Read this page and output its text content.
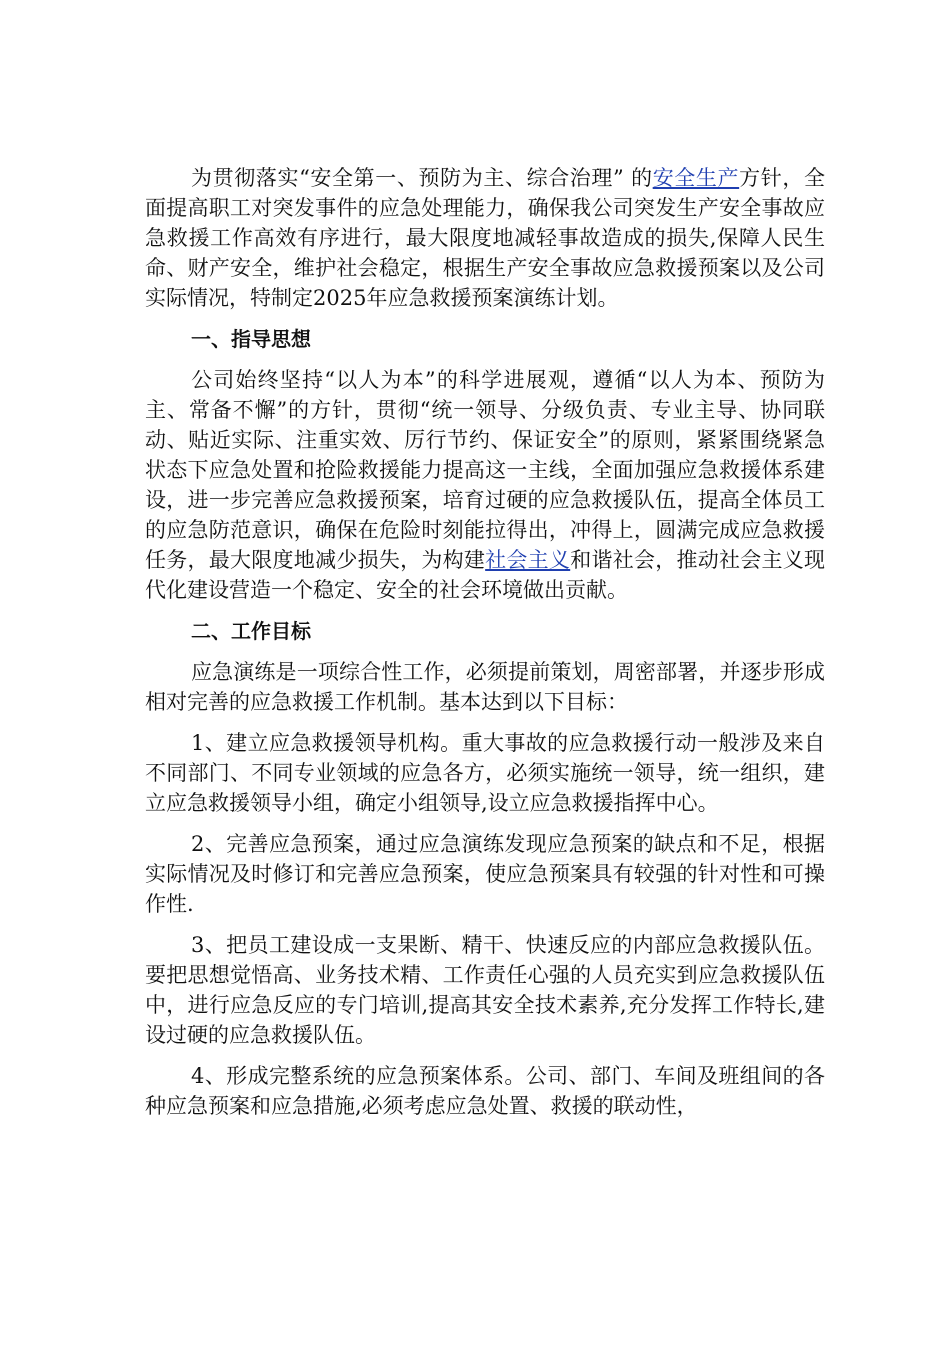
为贯彻落实“安全第一、预防为主、综合治理” 的安全生产方针，全面提高职工对突发事件的应急处理能力，确保我公司突发生产安全事故应急救援工作高效有序进行，最大限度地减轻事故造成的损失,保障人民生命、财产安全，维护社会稳定，根据生产安全事故应急救援预案以及公司实际情况，特制定2025年应急救援预案演练计划。

一、指导思想

公司始终坚持“以人为本”的科学进展观，遵循“以人为本、预防为主、常备不懈”的方针，贯彻“统一领导、分级负责、专业主导、协同联动、贴近实际、注重实效、厉行节约、保证安全”的原则，紧紧围绕紧急状态下应急处置和抢险救援能力提高这一主线，全面加强应急救援体系建设，进一步完善应急救援预案，培育过硬的应急救援队伍，提高全体员工的应急防范意识，确保在危险时刻能拉得出，冲得上，圆满完成应急救援任务，最大限度地减少损失，为构建社会主义和谐社会，推动社会主义现代化建设营造一个稳定、安全的社会环境做出贡献。

二、工作目标

应急演练是一项综合性工作，必须提前策划，周密部署，并逐步形成相对完善的应急救援工作机制。基本达到以下目标：

1、建立应急救援领导机构。重大事故的应急救援行动一般涉及来自不同部门、不同专业领域的应急各方，必须实施统一领导，统一组织，建立应急救援领导小组，确定小组领导,设立应急救援指挥中心。

2、完善应急预案，通过应急演练发现应急预案的缺点和不足，根据实际情况及时修订和完善应急预案，使应急预案具有较强的针对性和可操作性.

3、把员工建设成一支果断、精干、快速反应的内部应急救援队伍。要把思想觉悟高、业务技术精、工作责任心强的人员充实到应急救援队伍中，进行应急反应的专门培训,提高其安全技术素养,充分发挥工作特长,建设过硬的应急救援队伍。

4、形成完整系统的应急预案体系。公司、部门、车间及班组间的各种应急预案和应急措施,必须考虑应急处置、救援的联动性，
